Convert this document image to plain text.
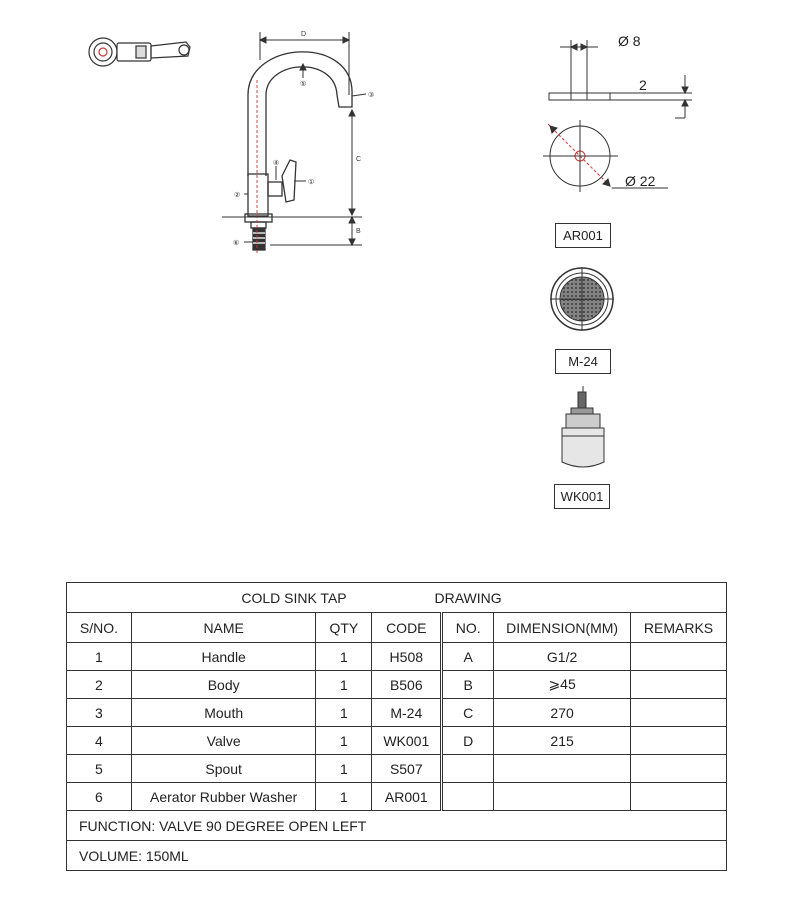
D
C
B
⑤
③
②
④
①
⑥
Ø 8
2
Ø 22
AR001
M-24
WK001
COLD SINK TAP DRAWING						
S/NO.	NAME	QTY	CODE	NO.	DIMENSION(MM)	REMARKS
1	Handle	1	H508	A	G1/2	
2	Body	1	B506	B	⩾45	
3	Mouth	1	M-24	C	270	
4	Valve	1	WK001	D	215	
5	Spout	1	S507			
6	Aerator Rubber Washer	1	AR001			
FUNCTION: VALVE 90 DEGREE OPEN LEFT						
VOLUME: 150ML						
